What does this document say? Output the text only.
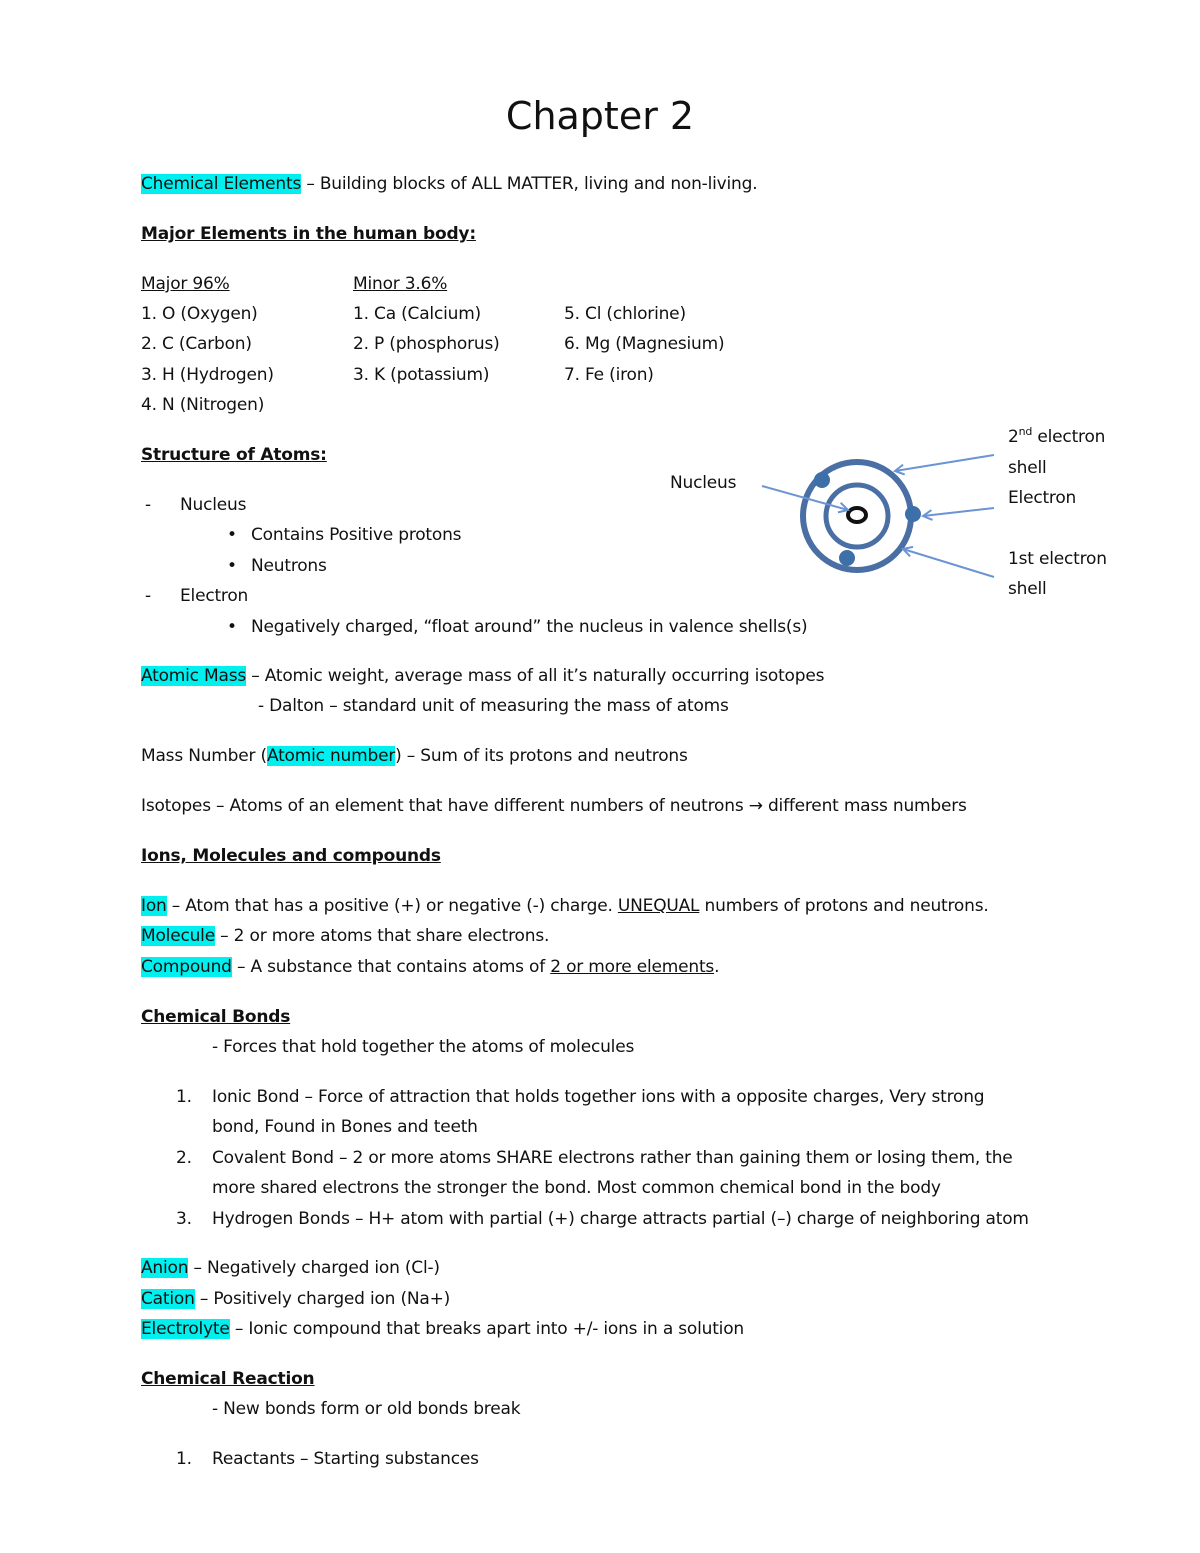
Chapter 2
Chemical Elements – Building blocks of ALL MATTER, living and non-living.
Major Elements in the human body:
Major 96%	Minor 3.6%
1. O (Oxygen)
2. C (Carbon)
3. H (Hydrogen)
4. N (Nitrogen)
1. Ca (Calcium)
2. P (phosphorus)
3. K (potassium)
5. Cl (chlorine)
6. Mg (Magnesium)
7. Fe (iron)
Structure of Atoms:
- Nucleus
• Contains Positive protons
• Neutrons
- Electron
• Negatively charged, “float around” the nucleus in valence shells(s)
Nucleus
2nd electron
shell
Electron
1st electron
shell
Atomic Mass – Atomic weight, average mass of all it’s naturally occurring isotopes
- Dalton – standard unit of measuring the mass of atoms
Mass Number (Atomic number) – Sum of its protons and neutrons
Isotopes – Atoms of an element that have different numbers of neutrons → different mass numbers
Ions, Molecules and compounds
Ion – Atom that has a positive (+) or negative (-) charge. UNEQUAL numbers of protons and neutrons.
Molecule – 2 or more atoms that share electrons.
Compound – A substance that contains atoms of 2 or more elements.
Chemical Bonds
- Forces that hold together the atoms of molecules
1. Ionic Bond – Force of attraction that holds together ions with a opposite charges, Very strong
bond, Found in Bones and teeth
2. Covalent Bond – 2 or more atoms SHARE electrons rather than gaining them or losing them, the
more shared electrons the stronger the bond. Most common chemical bond in the body
3. Hydrogen Bonds – H+ atom with partial (+) charge attracts partial (–) charge of neighboring atom
Anion – Negatively charged ion (Cl-)
Cation – Positively charged ion (Na+)
Electrolyte – Ionic compound that breaks apart into +/- ions in a solution
Chemical Reaction
- New bonds form or old bonds break
1. Reactants – Starting substances
